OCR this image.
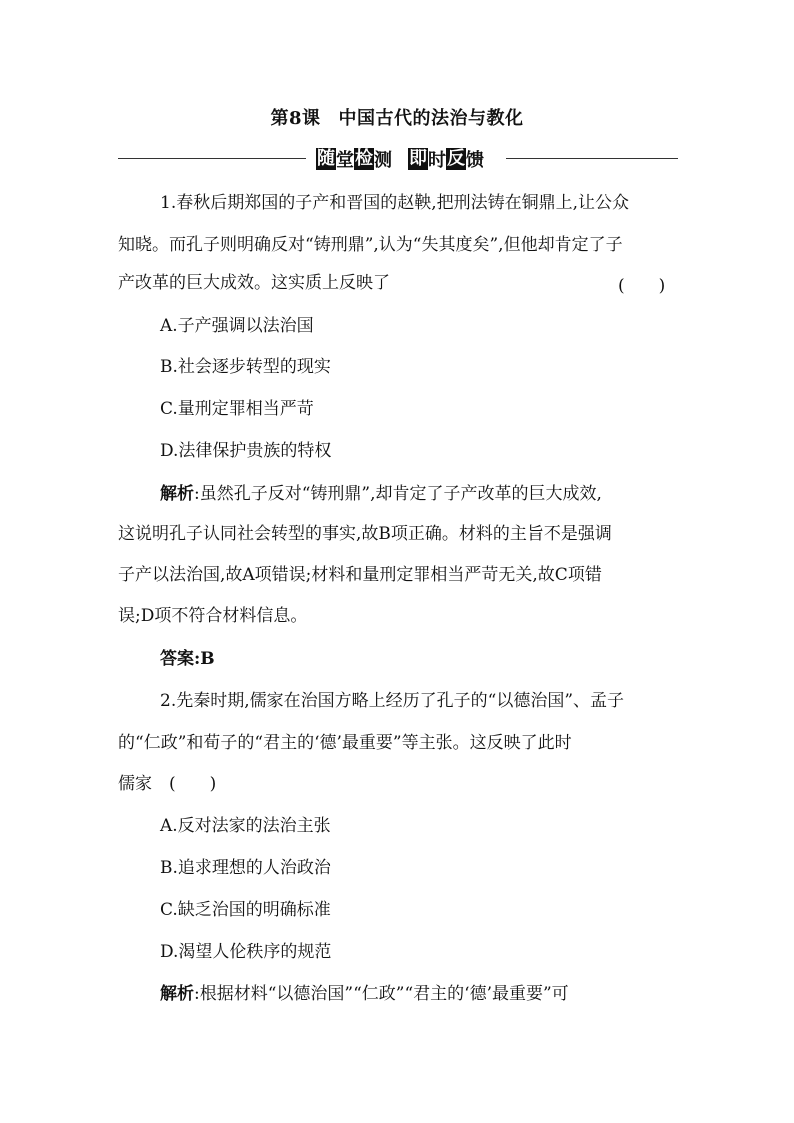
第8课 中国古代的法治与教化
随 堂 检 测 即 时 反 馈
1.春秋后期郑国的子产和晋国的赵鞅,把刑法铸在铜鼎上,让公众
知晓。而孔子则明确反对“铸刑鼎”,认为“失其度矣”,但他却肯定了子
产改革的巨大成效。这实质上反映了	(　　)
A.子产强调以法治国
B.社会逐步转型的现实
C.量刑定罪相当严苛
D.法律保护贵族的特权
解析:虽然孔子反对“铸刑鼎”,却肯定了子产改革的巨大成效,
这说明孔子认同社会转型的事实,故B项正确。材料的主旨不是强调
子产以法治国,故A项错误;材料和量刑定罪相当严苛无关,故C项错
误;D项不符合材料信息。
答案:B
2.先秦时期,儒家在治国方略上经历了孔子的“以德治国”、孟子
的“仁政”和荀子的“君主的‘德’最重要”等主张。这反映了此时
儒家　(　　)
A.反对法家的法治主张
B.追求理想的人治政治
C.缺乏治国的明确标准
D.渴望人伦秩序的规范
解析:根据材料“以德治国”“仁政”“君主的‘德’最重要”可
